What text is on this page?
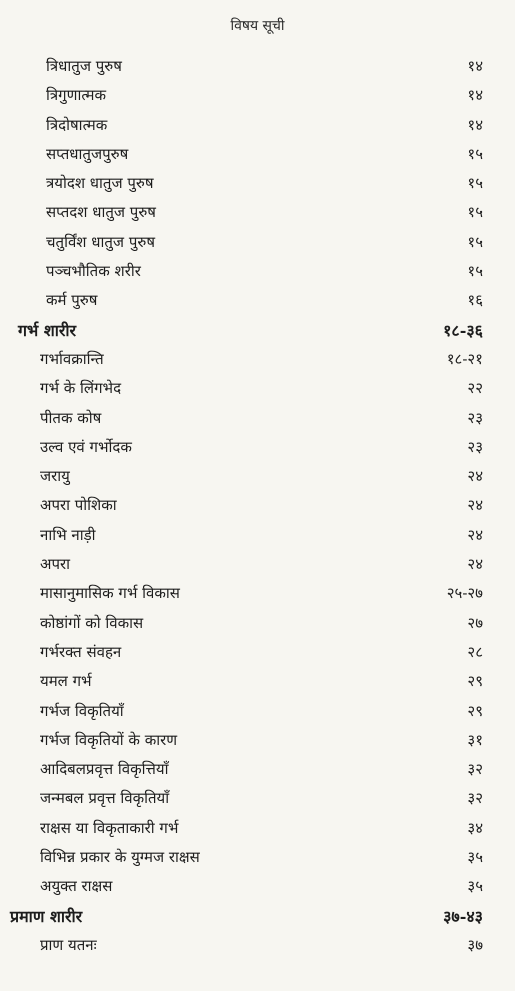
विषय सूची
त्रिधातुज पुरुष	१४
त्रिगुणात्मक	१४
त्रिदोषात्मक	१४
सप्तधातुजपुरुष	१५
त्रयोदश धातुज पुरुष	१५
सप्तदश धातुज पुरुष	१५
चतुर्विंश धातुज पुरुष	१५
पञ्चभौतिक शरीर	१५
कर्म पुरुष	१६
गर्भ शारीर	१८-३६
गर्भावक्रान्ति	१८-२१
गर्भ के लिंगभेद	२२
पीतक कोष	२३
उल्व एवं गर्भोदक	२३
जरायु	२४
अपरा पोशिका	२४
नाभि नाड़ी	२४
अपरा	२४
मासानुमासिक गर्भ विकास	२५-२७
कोष्ठांगों को विकास	२७
गर्भरक्त संवहन	२८
यमल गर्भ	२९
गर्भज विकृतियाँ	२९
गर्भज विकृतियों के कारण	३१
आदिबलप्रवृत्त विकृत्तियाँ	३२
जन्मबल प्रवृत्त विकृतियाँ	३२
राक्षस या विकृताकारी गर्भ	३४
विभिन्न प्रकार के युग्मज राक्षस	३५
अयुक्त राक्षस	३५
प्रमाण शारीर	३७-४३
प्राण यतनः	३७
